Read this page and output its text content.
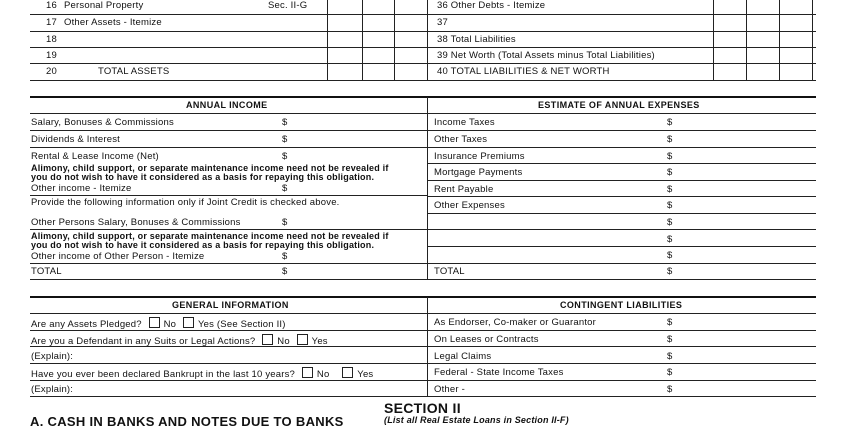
16 Personal Property	Sec. II-G
17 Other Assets - Itemize
18
19
20	TOTAL ASSETS
36 Other Debts - Itemize
37
38 Total Liabilities
39 Net Worth (Total Assets minus Total Liabilities)
40 TOTAL LIABILITIES & NET WORTH
ANNUAL INCOME	ESTIMATE OF ANNUAL EXPENSES
Salary, Bonuses & Commissions	$
Dividends & Interest	$
Rental & Lease Income (Net)	$
Alimony, child support, or separate maintenance income need not be revealed if
you do not wish to have it considered as a basis for repaying this obligation.
Other income - Itemize	$
Provide the following information only if Joint Credit is checked above.
Other Persons Salary, Bonuses & Commissions	$
Alimony, child support, or separate maintenance income need not be revealed if
you do not wish to have it considered as a basis for repaying this obligation.
Other income of Other Person - Itemize	$
TOTAL	$
Income Taxes	$
Other Taxes	$
Insurance Premiums	$
Mortgage Payments	$
Rent Payable	$
Other Expenses	$
$
$
$
TOTAL	$
GENERAL INFORMATION	CONTINGENT LIABILITIES
Are any Assets Pledged? No Yes (See Section II)
Are you a Defendant in any Suits or Legal Actions? No Yes
(Explain):
Have you ever been declared Bankrupt in the last 10 years? No	Yes
(Explain):
As Endorser, Co-maker or Guarantor	$
On Leases or Contracts	$
Legal Claims	$
Federal - State Income Taxes	$
Other -	$
SECTION II
(List all Real Estate Loans in Section II-F)
A. CASH IN BANKS AND NOTES DUE TO BANKS
